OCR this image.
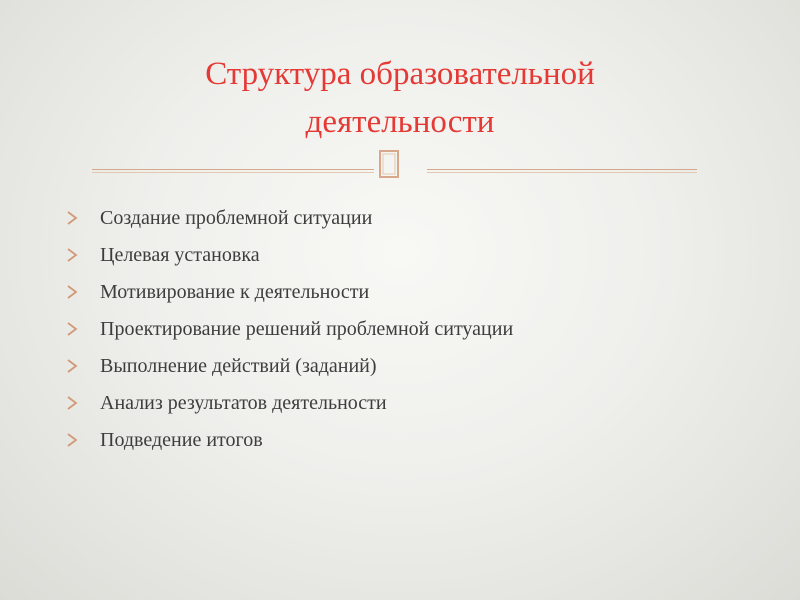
Структура образовательной
деятельности
Создание проблемной ситуации
Целевая установка
Мотивирование к деятельности
Проектирование решений проблемной ситуации
Выполнение действий (заданий)
Анализ результатов деятельности
Подведение итогов
